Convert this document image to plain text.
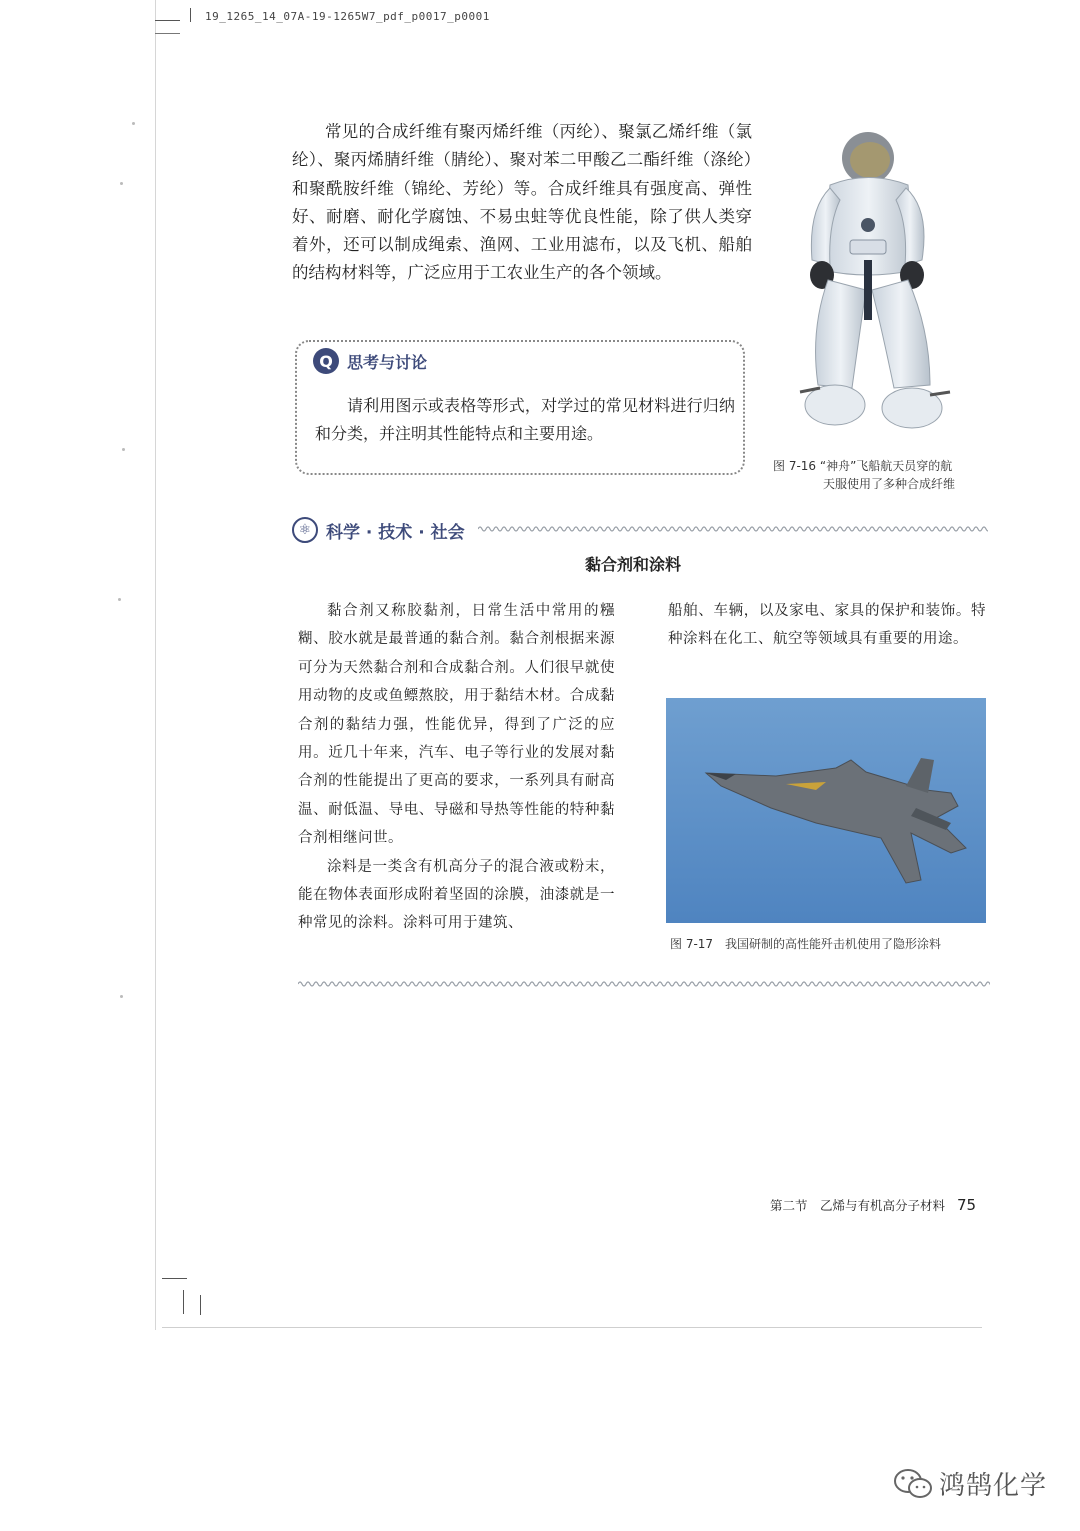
19_1265_14_07A-19-1265W7_pdf_p0017_p0001

常见的合成纤维有聚丙烯纤维（丙纶）、聚氯乙烯纤维（氯纶）、聚丙烯腈纤维（腈纶）、聚对苯二甲酸乙二酯纤维（涤纶）和聚酰胺纤维（锦纶、芳纶）等。合成纤维具有强度高、弹性好、耐磨、耐化学腐蚀、不易虫蛀等优良性能，除了供人类穿着外，还可以制成绳索、渔网、工业用滤布，以及飞机、船舶的结构材料等，广泛应用于工农业生产的各个领域。

图 7-16 “神舟”飞船航天员穿的航
天服使用了多种合成纤维
Q 思考与讨论

请利用图示或表格等形式，对学过的常见材料进行归纳和分类，并注明其性能特点和主要用途。

⚛ 科学 · 技术 · 社会
黏合剂和涂料

黏合剂又称胶黏剂，日常生活中常用的糨糊、胶水就是最普通的黏合剂。黏合剂根据来源可分为天然黏合剂和合成黏合剂。人们很早就使用动物的皮或鱼鳔熬胶，用于黏结木材。合成黏合剂的黏结力强，性能优异，得到了广泛的应用。近几十年来，汽车、电子等行业的发展对黏合剂的性能提出了更高的要求，一系列具有耐高温、耐低温、导电、导磁和导热等性能的特种黏合剂相继问世。

涂料是一类含有机高分子的混合液或粉末，能在物体表面形成附着坚固的涂膜，油漆就是一种常见的涂料。涂料可用于建筑、

船舶、车辆，以及家电、家具的保护和装饰。特种涂料在化工、航空等领域具有重要的用途。

图 7-17　我国研制的高性能歼击机使用了隐形涂料
第二节　乙烯与有机高分子材料 75
鸿鹄化学
